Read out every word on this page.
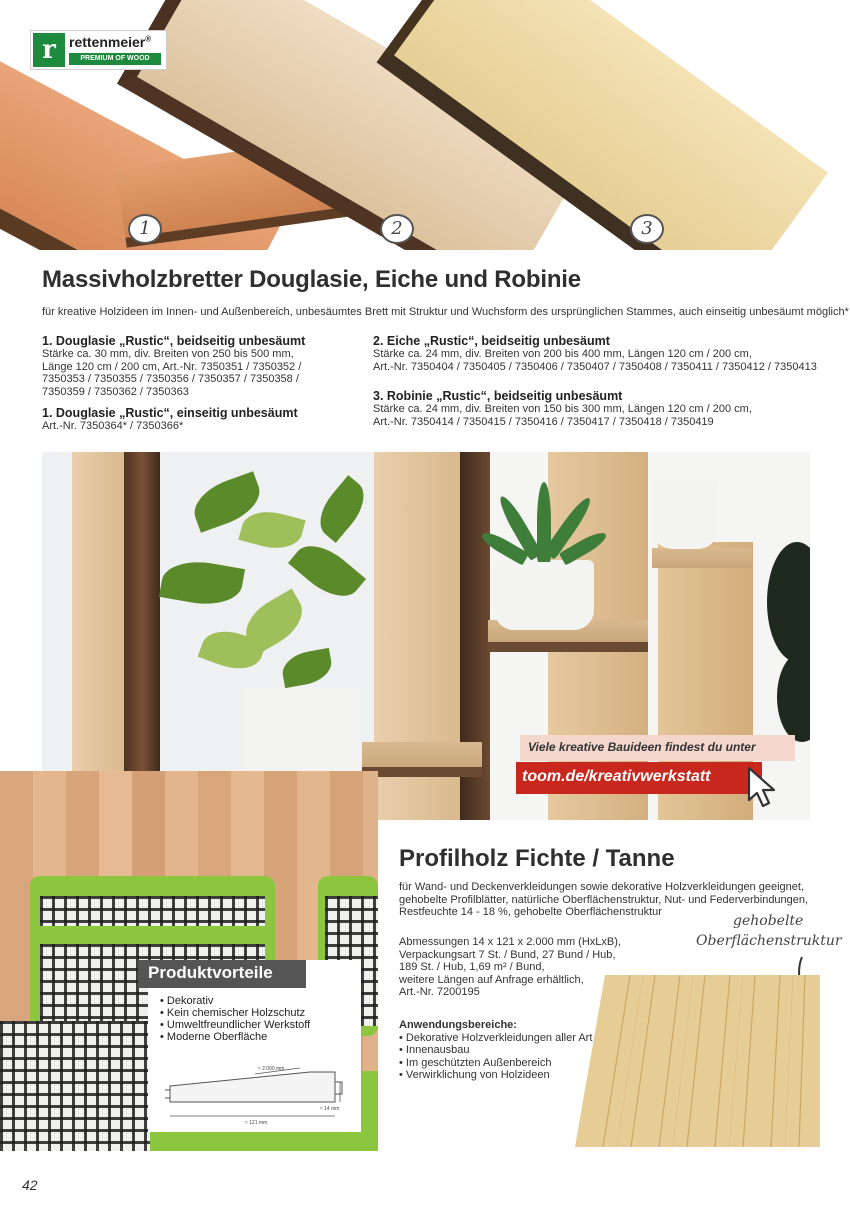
r rettenmeier®
PREMIUM OF WOOD
1	2	3
Massivholzbretter Douglasie, Eiche und Robinie
für kreative Holzideen im Innen- und Außenbereich, unbesäumtes Brett mit Struktur und Wuchsform des ursprünglichen Stammes, auch einseitig unbesäumt möglich*
1. Douglasie „Rustic“, beidseitig unbesäumt
Stärke ca. 30 mm, div. Breiten von 250 bis 500 mm,
Länge 120 cm / 200 cm, Art.-Nr. 7350351 / 7350352 /
7350353 / 7350355 / 7350356 / 7350357 / 7350358 /
7350359 / 7350362 / 7350363
1. Douglasie „Rustic“, einseitig unbesäumt
Art.-Nr. 7350364* / 7350366*
2. Eiche „Rustic“, beidseitig unbesäumt
Stärke ca. 24 mm, div. Breiten von 200 bis 400 mm, Längen 120 cm / 200 cm,
Art.-Nr. 7350404 / 7350405 / 7350406 / 7350407 / 7350408 / 7350411 / 7350412 / 7350413
3. Robinie „Rustic“, beidseitig unbesäumt
Stärke ca. 24 mm, div. Breiten von 150 bis 300 mm, Längen 120 cm / 200 cm,
Art.-Nr. 7350414 / 7350415 / 7350416 / 7350417 / 7350418 / 7350419
Viele kreative Bauideen findest du unter
toom.de/kreativwerkstatt
Produktvorteile
• Dekorativ
• Kein chemischer Holzschutz
• Umweltfreundlicher Werkstoff
• Moderne Oberfläche
≈ 2.000 mm
≈ 14 mm
≈ 121 mm
Profilholz Fichte / Tanne
für Wand- und Deckenverkleidungen sowie dekorative Holzverkleidungen geeignet,
gehobelte Profilblätter, natürliche Oberflächenstruktur, Nut- und Federverbindungen,
Restfeuchte 14 - 18 %, gehobelte Oberflächenstruktur
Abmessungen 14 x 121 x 2.000 mm (HxLxB),
Verpackungsart 7 St. / Bund, 27 Bund / Hub,
189 St. / Hub, 1,69 m² / Bund,
weitere Längen auf Anfrage erhältlich,
Art.-Nr. 7200195
Anwendungsbereiche:
• Dekorative Holzverkleidungen aller Art
• Innenausbau
• Im geschützten Außenbereich
• Verwirklichung von Holzideen
gehobelte
Oberflächenstruktur
42
